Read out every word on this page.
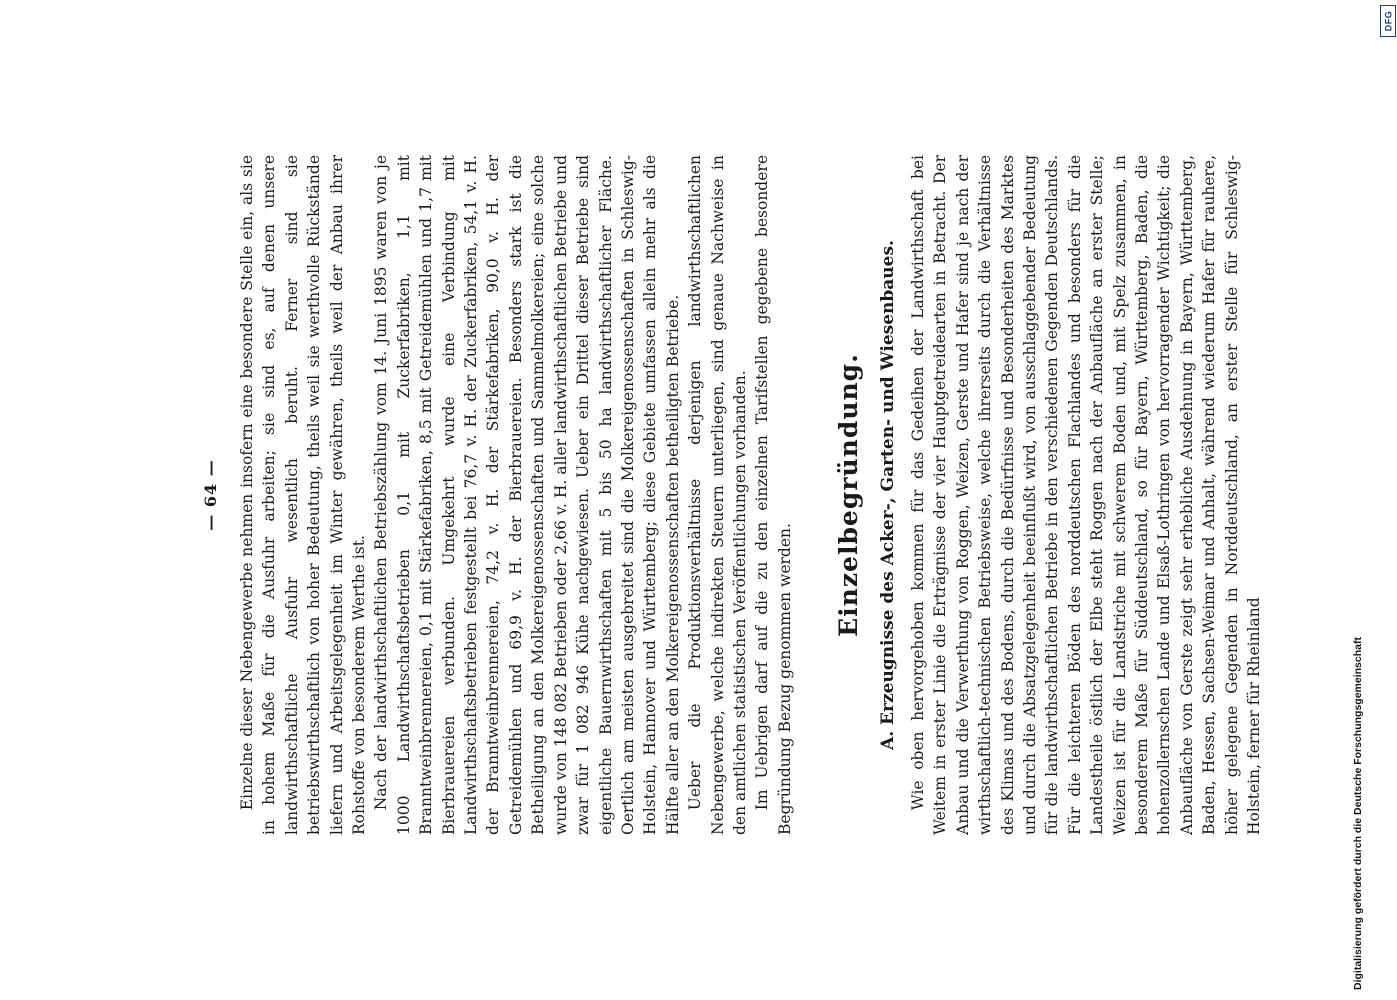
— 64 —	Einzelne dieser Nebengewerbe nehmen insofern eine besondere Stelle ein, als sie in hohem Maße für die Ausfuhr arbeiten; sie sind es, auf denen unsere landwirthschaftliche Ausfuhr wesentlich beruht. Ferner sind sie betriebswirthschaftlich von hoher Bedeutung, theils weil sie werthvolle Rückstände liefern und Arbeitsgelegenheit im Winter gewähren, theils weil der Anbau ihrer Rohstoffe von besonderem Werthe ist. Nach der landwirthschaftlichen Betriebszählung vom 14. Juni 1895 waren von je 1000 Landwirthschaftsbetrieben 0,1 mit Zuckerfabriken, 1,1 mit Branntweinbrennereien, 0,1 mit Stärkefabriken, 8,5 mit Getreidemühlen und 1,7 mit Bierbrauereien verbunden. Umgekehrt wurde eine Verbindung mit Landwirthschaftsbetrieben festgestellt bei 76,7 v. H. der Zuckerfabriken, 54,1 v. H. der Branntweinbrennereien, 74,2 v. H. der Stärkefabriken, 90,0 v. H. der Getreidemühlen und 69,9 v. H. der Bierbrauereien. Besonders stark ist die Betheiligung an den Molkereigenossenschaften und Sammelmolkereien; eine solche wurde von 148 082 Betrieben oder 2,66 v. H. aller landwirthschaftlichen Betriebe und zwar für 1 082 946 Kühe nachgewiesen. Ueber ein Drittel dieser Betriebe sind eigentliche Bauernwirthschaften mit 5 bis 50 ha landwirthschaftlicher Fläche. Oertlich am meisten ausgebreitet sind die Molkereigenossenschaften in Schleswig-Holstein, Hannover und Württemberg; diese Gebiete umfassen allein mehr als die Hälfte aller an den Molkereigenossenschaften betheiligten Betriebe. Ueber die Produktionsverhältnisse derjenigen landwirthschaftlichen Nebengewerbe, welche indirekten Steuern unterliegen, sind genaue Nachweise in den amtlichen statistischen Veröffentlichungen vorhanden. Im Uebrigen darf auf die zu den einzelnen Tarifstellen gegebene besondere Begründung Bezug genommen werden.

Einzelbegründung. A. Erzeugnisse des Acker-, Garten- und Wiesenbaues. Wie oben hervorgehoben kommen für das Gedeihen der Landwirthschaft bei Weitem in erster Linie die Erträgnisse der vier Hauptgetreidearten in Betracht. Der Anbau und die Verwerthung von Roggen, Weizen, Gerste und Hafer sind je nach der wirthschaftlich-technischen Betriebsweise, welche ihrerseits durch die Verhältnisse des Klimas und des Bodens, durch die Bedürfnisse und Besonderheiten des Marktes und durch die Absatzgelegenheit beeinflußt wird, von ausschlaggebender Bedeutung für die landwirthschaftlichen Betriebe in den verschiedenen Gegenden Deutschlands. Für die leichteren Böden des norddeutschen Flachlandes und besonders für die Landestheile östlich der Elbe steht Roggen nach der Anbaufläche an erster Stelle; Weizen ist für die Landstriche mit schwerem Boden und, mit Spelz zusammen, in besonderem Maße für Süddeutschland, so für Bayern, Württemberg, Baden, die hohenzollernschen Lande und Elsaß-Lothringen von hervorragender Wichtigkeit; die Anbaufläche von Gerste zeigt sehr erhebliche Ausdehnung in Bayern, Württemberg, Baden, Hessen, Sachsen-Weimar und Anhalt, während wiederum Hafer für rauhere, höher gelegene Gegenden in Norddeutschland, an erster Stelle für Schleswig-Holstein, ferner für Rheinland	Digitalisierung gefördert durch die Deutsche Forschungsgemeinschaft
DFG
